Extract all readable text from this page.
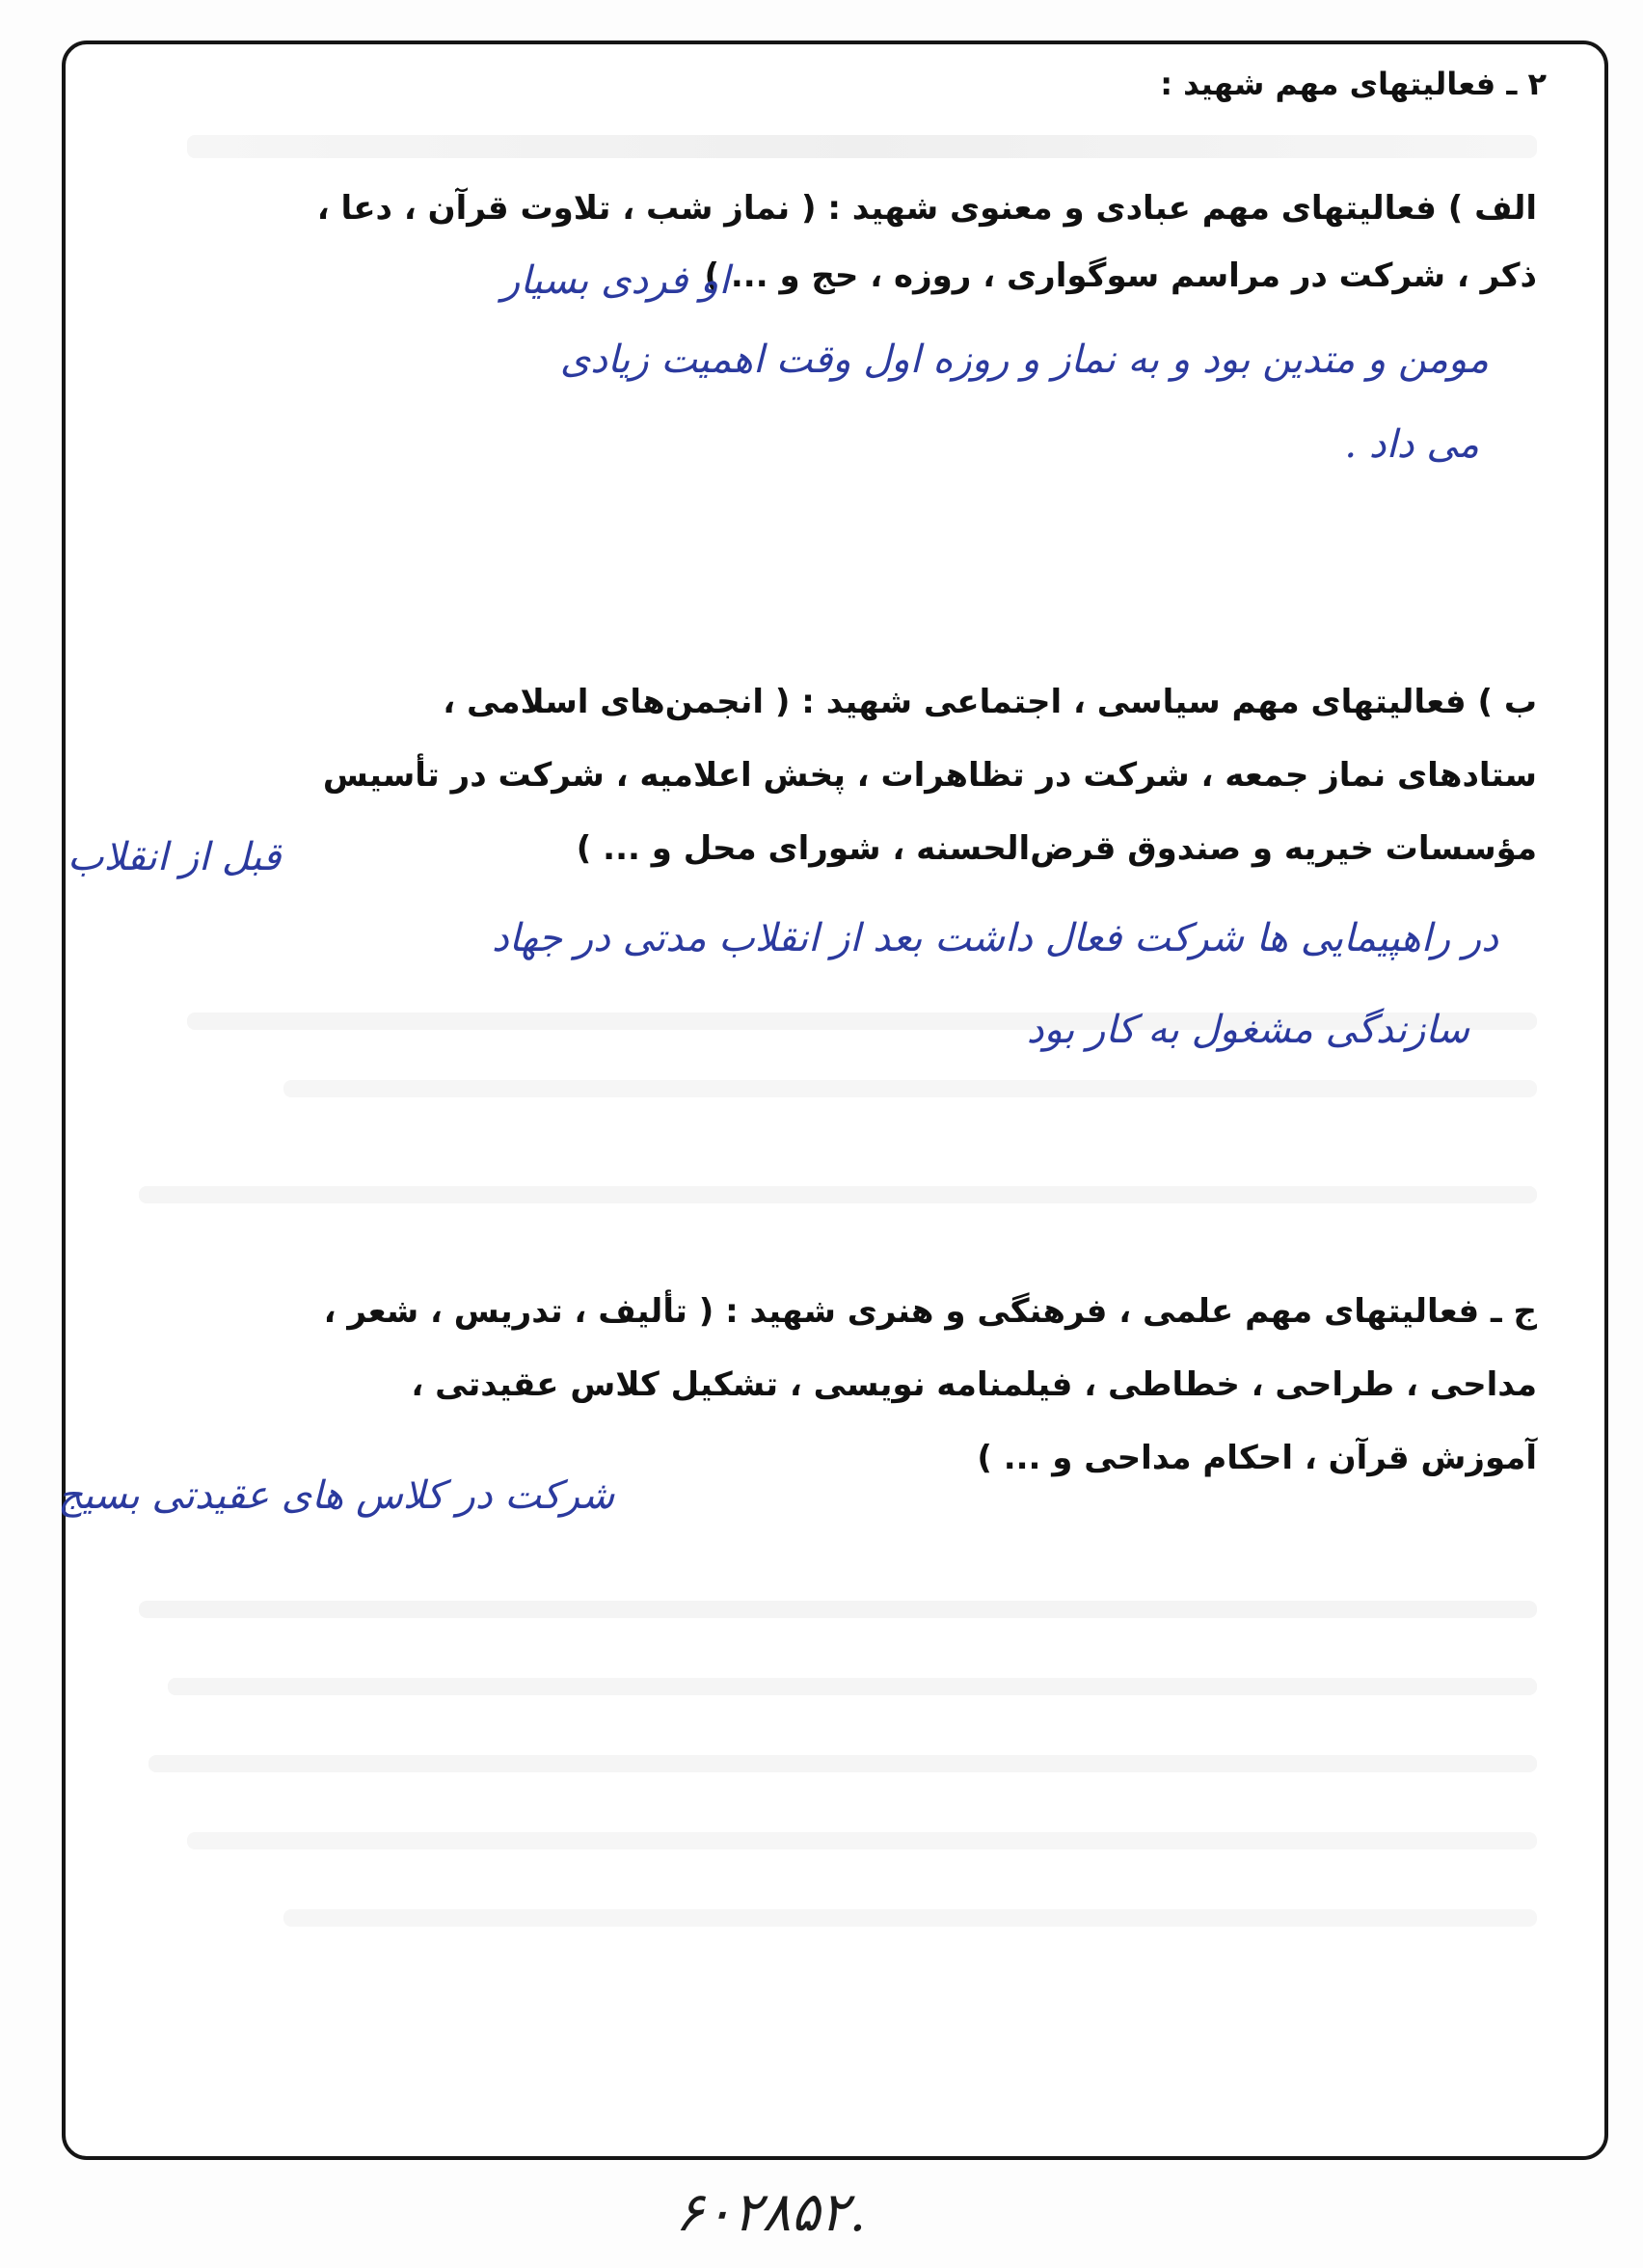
۲ ـ فعالیتهای مهم شهید :

الف ) فعالیتهای مهم عبادی و معنوی شهید : ( نماز شب ، تلاوت قرآن ، دعا ،

ذکر ، شرکت در مراسم سوگواری ، روزه ، حج و ... )

او فردی بسیار

مومن و متدین بود و به نماز و روزه اول وقت اهمیت زیادی

می داد .

ب ) فعالیتهای مهم سیاسی ، اجتماعی شهید : ( انجمن‌های اسلامی ،

ستادهای نماز جمعه ، شرکت در تظاهرات ، پخش اعلامیه ، شرکت در تأسیس

مؤسسات خیریه و صندوق قرض‌الحسنه ، شورای محل و ... )

قبل از انقلاب

در راهپیمایی ها شرکت فعال داشت بعد از انقلاب مدتی در جهاد

سازندگی مشغول به کار بود

ج ـ فعالیتهای مهم علمی ، فرهنگی و هنری شهید : ( تألیف ، تدریس ، شعر ،

مداحی ، طراحی ، خطاطی ، فیلمنامه نویسی ، تشکیل کلاس عقیدتی ،

آموزش قرآن ، احکام مداحی و ... )

شرکت در کلاس های عقیدتی بسیج

۶۰۲۸۵۲.
